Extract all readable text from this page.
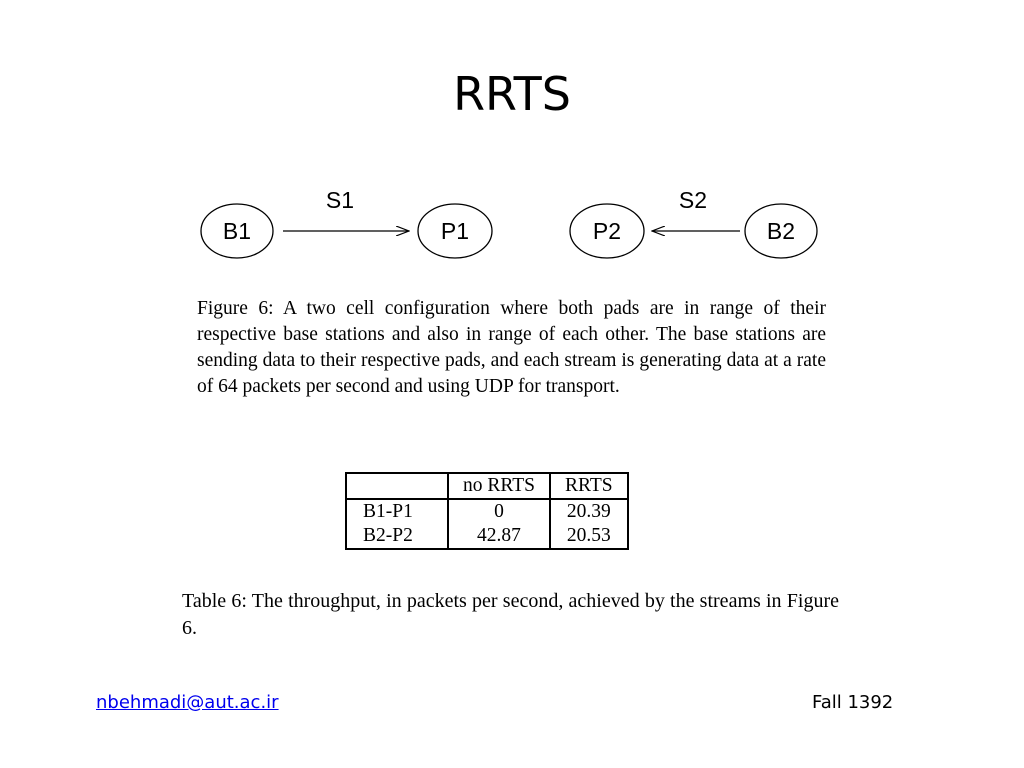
RRTS
B1
S1
P1	P2
S2
B2

Figure 6: A two cell configuration where both pads are in range of their respective base stations and also in range of each other. The base stations are sending data to their respective pads, and each stream is generating data at a rate of 64 packets per second and using UDP for transport.

	no RRTS	RRTS
B1-P1	0	20.39
B2-P2	42.87	20.53

Table 6: The throughput, in packets per second, achieved by the streams in Figure 6.

nbehmadi@aut.ac.ir	Fall 1392
